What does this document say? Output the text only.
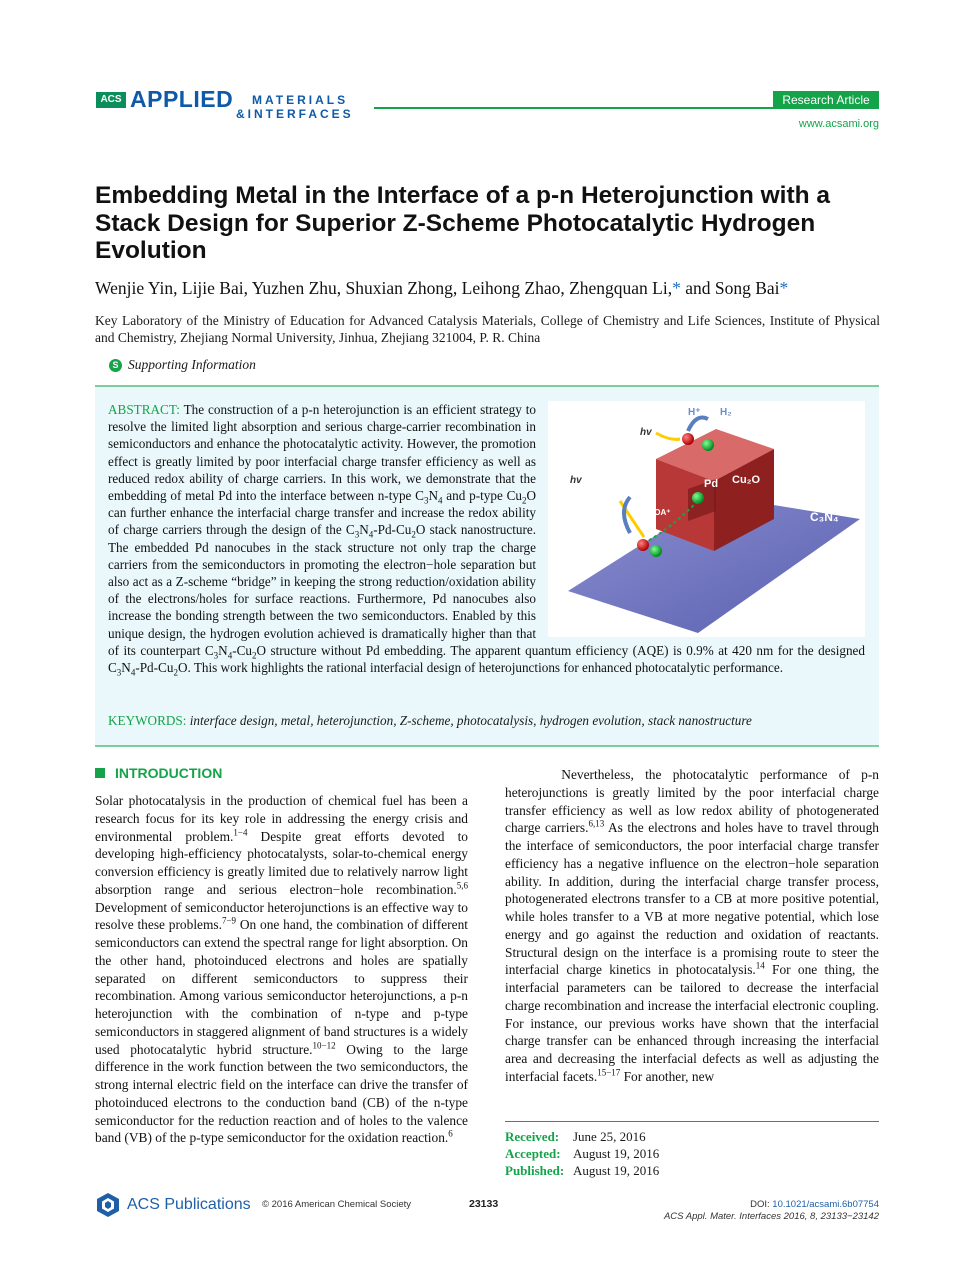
ACS APPLIED MATERIALS
&INTERFACES
Research Article
www.acsami.org
Embedding Metal in the Interface of a p-n Heterojunction with a Stack Design for Superior Z-Scheme Photocatalytic Hydrogen Evolution
Wenjie Yin, Lijie Bai, Yuzhen Zhu, Shuxian Zhong, Leihong Zhao, Zhengquan Li,* and Song Bai*
Key Laboratory of the Ministry of Education for Advanced Catalysis Materials, College of Chemistry and Life Sciences, Institute of Physical and Chemistry, Zhejiang Normal University, Jinhua, Zhejiang 321004, P. R. China
S Supporting Information
H⁺ H₂
hv
hv	Pd Cu₂O
C₃N₄
TEOA	TEOA⁺
ABSTRACT: The construction of a p-n heterojunction is an efficient strategy to resolve the limited light absorption and serious charge-carrier recombination in semiconductors and enhance the photocatalytic activity. However, the promotion effect is greatly limited by poor interfacial charge transfer efficiency as well as reduced redox ability of charge carriers. In this work, we demonstrate that the embedding of metal Pd into the interface between n-type $C_3N_4$ and p-type $Cu_2O$ can further enhance the interfacial charge transfer and increase the redox ability of charge carriers through the design of the $C_3N_4-Pd-Cu_2O$ stack nanostructure. The embedded Pd nanocubes in the stack structure not only trap the charge carriers from the semiconductors in promoting the electron−hole separation but also act as a Z-scheme “bridge” in keeping the strong reduction/oxidation ability of the electrons/holes for surface reactions. Furthermore, Pd nanocubes also increase the bonding strength between the two semiconductors. Enabled by this unique design, the hydrogen evolution achieved is dramatically higher than that of its counterpart $C_3N_4-Cu_2O$ structure without Pd embedding. The apparent quantum efficiency (AQE) is 0.9% at 420 nm for the designed $C_3N_4-Pd-Cu_2O$. This work highlights the rational interfacial design of heterojunctions for enhanced photocatalytic performance.
KEYWORDS: interface design, metal, heterojunction, Z-scheme, photocatalysis, hydrogen evolution, stack nanostructure
INTRODUCTION
Solar photocatalysis in the production of chemical fuel has been a research focus for its key role in addressing the energy crisis and environmental problem.$^{1-4}$ Despite great efforts devoted to developing high-efficiency photocatalysts, solar-to-chemical energy conversion efficiency is greatly limited due to relatively narrow light absorption range and serious electron−hole recombination.$^{5,6}$ Development of semiconductor heterojunctions is an effective way to resolve these problems.$^{7-9}$ On one hand, the combination of different semiconductors can extend the spectral range for light absorption. On the other hand, photoinduced electrons and holes are spatially separated on different semiconductors to suppress their recombination. Among various semiconductor heterojunctions, a p-n heterojunction with the combination of n-type and p-type semiconductors in staggered alignment of band structures is a widely used photocatalytic hybrid structure.$^{10-12}$ Owing to the large difference in the work function between the two semiconductors, the strong internal electric field on the interface can drive the transfer of photoinduced electrons to the conduction band (CB) of the n-type semiconductor for the reduction reaction and of holes to the valence band (VB) of the p-type semiconductor for the oxidation reaction.$^6$
Nevertheless, the photocatalytic performance of p-n heterojunctions is greatly limited by the poor interfacial charge transfer efficiency as well as low redox ability of photogenerated charge carriers.$^{6,13}$ As the electrons and holes have to travel through the interface of semiconductors, the poor interfacial charge transfer efficiency has a negative influence on the electron−hole separation ability. In addition, during the interfacial charge transfer process, photogenerated electrons transfer to a CB at more positive potential, while holes transfer to a VB at more negative potential, which lose energy and go against the reduction and oxidation of reactants. Structural design on the interface is a promising route to steer the interfacial charge kinetics in photocatalysis.$^{14}$ For one thing, the interfacial parameters can be tailored to decrease the interfacial charge recombination and increase the interfacial electronic coupling. For instance, our previous works have shown that the interfacial charge transfer can be enhanced through increasing the interfacial area and decreasing the interfacial defects as well as adjusting the interfacial facets.$^{15-17}$ For another, new
Received: June 25, 2016
Accepted: August 19, 2016
Published: August 19, 2016
ACS Publications © 2016 American Chemical Society	23133	DOI: 10.1021/acsami.6b07754
ACS Appl. Mater. Interfaces 2016, 8, 23133−23142
